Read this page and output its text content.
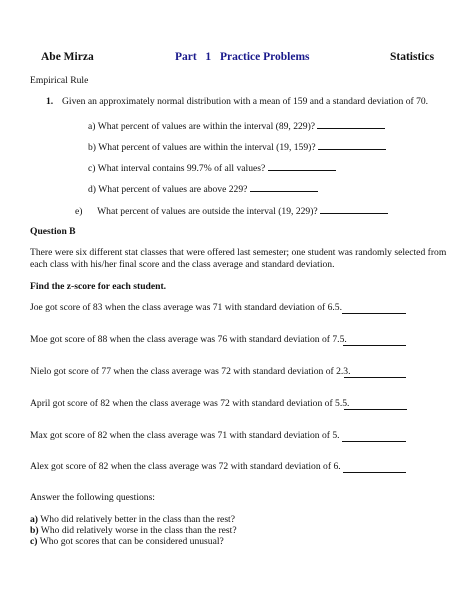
Abe Mirza	Part 1 Practice Problems	Statistics
Empirical Rule
1. Given an approximately normal distribution with a mean of 159 and a standard deviation of 70.
a) What percent of values are within the interval (89, 229)?
b) What percent of values are within the interval (19, 159)?
c) What interval contains 99.7% of all values?
d) What percent of values are above 229?
e) What percent of values are outside the interval (19, 229)?
Question B
There were six different stat classes that were offered last semester; one student was randomly selected from
each class with his/her final score and the class average and standard deviation.
Find the z-score for each student.
Joe got score of 83 when the class average was 71 with standard deviation of 6.5.
Moe got score of 88 when the class average was 76 with standard deviation of 7.5.
Nielo got score of 77 when the class average was 72 with standard deviation of 2.3.
April got score of 82 when the class average was 72 with standard deviation of 5.5.
Max got score of 82 when the class average was 71 with standard deviation of 5.
Alex got score of 82 when the class average was 72 with standard deviation of 6.
Answer the following questions:
a) Who did relatively better in the class than the rest?
b) Who did relatively worse in the class than the rest?
c) Who got scores that can be considered unusual?
